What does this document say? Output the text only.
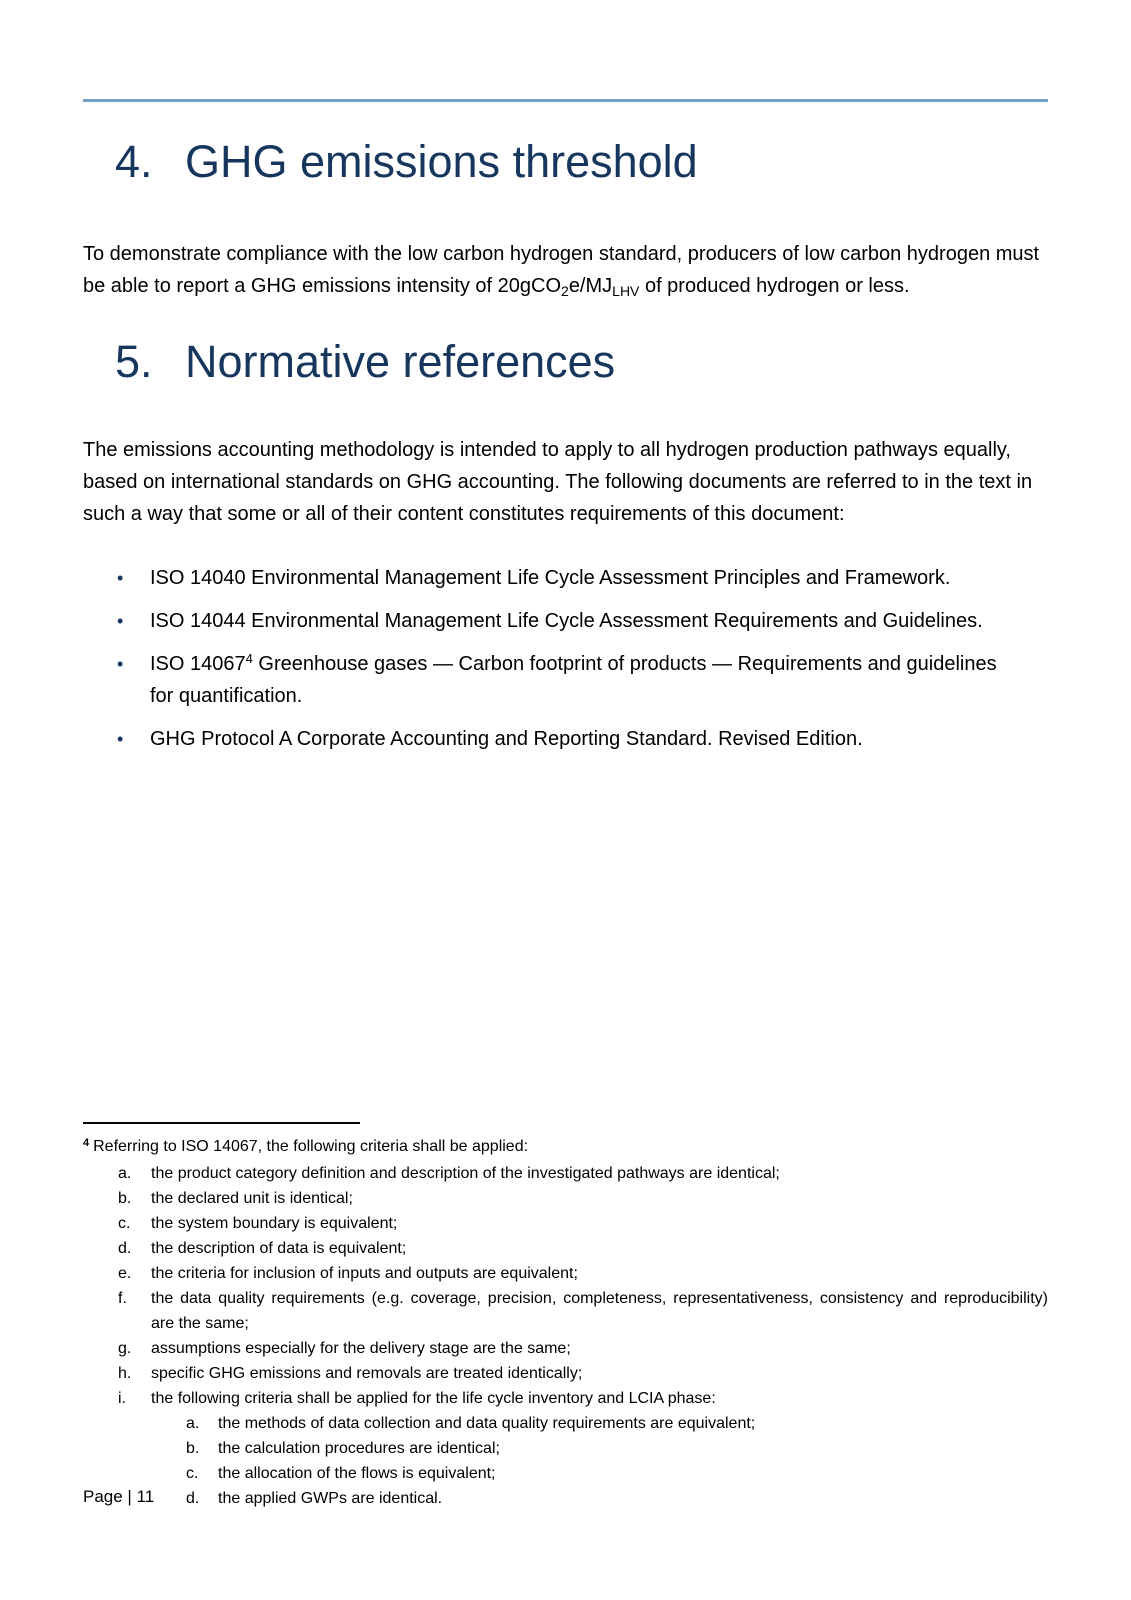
4. GHG emissions threshold

To demonstrate compliance with the low carbon hydrogen standard, producers of low carbon hydrogen must be able to report a GHG emissions intensity of $20gCO_2e/MJ_{LHV}$ of produced hydrogen or less.

5. Normative references

The emissions accounting methodology is intended to apply to all hydrogen production pathways equally, based on international standards on GHG accounting. The following documents are referred to in the text in such a way that some or all of their content constitutes requirements of this document:

•	ISO 14040 Environmental Management Life Cycle Assessment Principles and Framework.
•	ISO 14044 Environmental Management Life Cycle Assessment Requirements and Guidelines.
•	ISO 14067$^4$ Greenhouse gases — Carbon footprint of products — Requirements and guidelines for quantification.
•	GHG Protocol A Corporate Accounting and Reporting Standard. Revised Edition.
$^4$ Referring to ISO 14067, the following criteria shall be applied:
a.	the product category definition and description of the investigated pathways are identical;
b.	the declared unit is identical;
c.	the system boundary is equivalent;
d.	the description of data is equivalent;
e.	the criteria for inclusion of inputs and outputs are equivalent;
f.	the data quality requirements (e.g. coverage, precision, completeness, representativeness, consistency and reproducibility) are the same;
g.	assumptions especially for the delivery stage are the same;
h.	specific GHG emissions and removals are treated identically;
i.	the following criteria shall be applied for the life cycle inventory and LCIA phase:
a.	the methods of data collection and data quality requirements are equivalent;
b.	the calculation procedures are identical;
c.	the allocation of the flows is equivalent;
d.	the applied GWPs are identical.
Page | 11
